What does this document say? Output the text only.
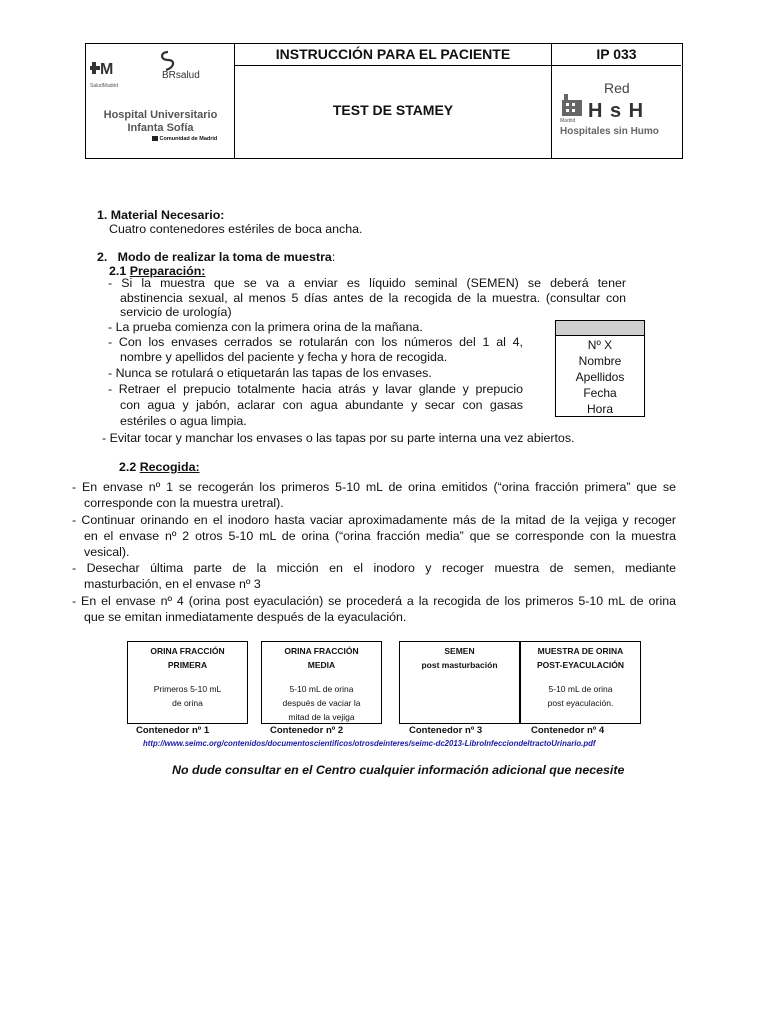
M
SaludMadrid
BRsalud
Hospital Universitario
Infanta Sofía
Comunidad de Madrid
INSTRUCCIÓN PARA EL PACIENTE
TEST DE STAMEY
IP 033
Red
H s H
Madrid
Hospitales sin Humo
1. Material Necesario:
Cuatro contenedores estériles de boca ancha.
2.   Modo de realizar la toma de muestra:
2.1 Preparación:
- Si la muestra que se va a enviar es líquido seminal (SEMEN) se deberá tener
abstinencia sexual, al menos 5 días antes de la recogida de la muestra. (consultar con
servicio de urología)
- La prueba comienza con la primera orina de la mañana.
- Con los envases cerrados se rotularán con los números del 1 al 4,
nombre y apellidos del paciente y fecha y hora de recogida.
- Nunca se rotulará o etiquetarán las tapas de los envases.
- Retraer el prepucio totalmente hacia atrás y lavar glande y prepucio
con agua y jabón, aclarar con agua abundante y secar con gasas
estériles o agua limpia.
- Evitar tocar y manchar los envases o las tapas por su parte interna una vez abiertos.
Nº X
Nombre
Apellidos
Fecha
Hora
2.2 Recogida:
- En envase nº 1 se recogerán los primeros 5-10 mL de orina emitidos (“orina fracción primera” que se
corresponde con la muestra uretral).
- Continuar orinando en el inodoro hasta vaciar aproximadamente más de la mitad de la vejiga y recoger
en el envase nº 2 otros 5-10 mL de orina (“orina fracción media” que se corresponde con la muestra
vesical).
- Desechar última parte de la micción en el inodoro y recoger muestra de semen, mediante
masturbación, en el envase nº 3
- En el envase nº 4 (orina post eyaculación) se procederá a la recogida de los primeros 5-10 mL de orina
que se emitan inmediatamente después de la eyaculación.
ORINA FRACCIÓN
PRIMERA
Primeros 5-10 mL
de orina
ORINA FRACCIÓN
MEDIA
5-10 mL de orina
después de vaciar la
mitad de la vejiga
SEMEN
post masturbación
MUESTRA DE ORINA
POST-EYACULACIÓN
5-10 mL de orina
post eyaculación.
Contenedor nº 1	Contenedor nº 2	Contenedor nº 3	Contenedor nº 4
http://www.seimc.org/contenidos/documentoscientificos/otrosdeinteres/seimc-dc2013-LibroInfecciondeltractoUrinario.pdf
No dude consultar en el Centro cualquier información adicional que necesite
